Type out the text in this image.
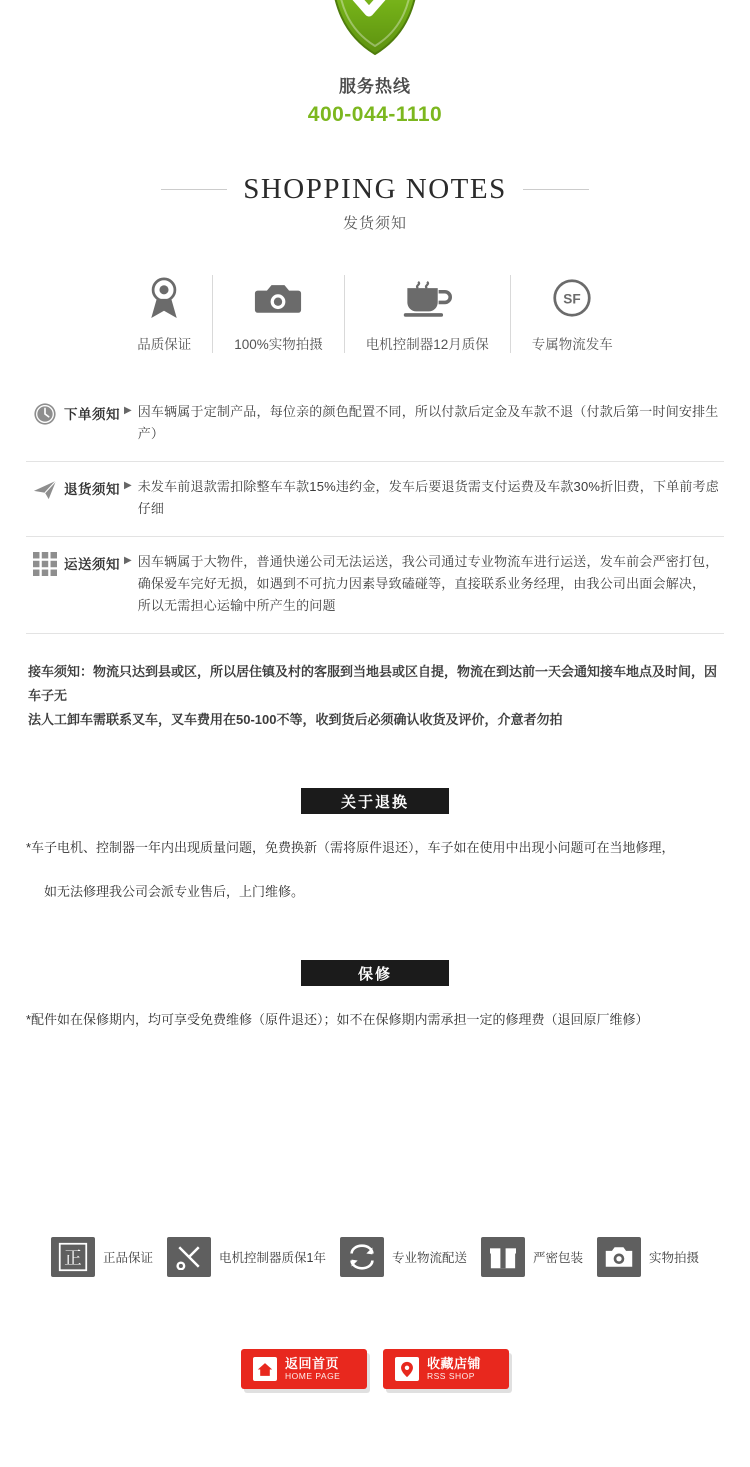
服务热线
400-044-1110
SHOPPING NOTES
发货须知
品质保证	100%实物拍摄	电机控制器12月质保
SF
专属物流发车
下单须知 ▶ 因车辆属于定制产品，每位亲的颜色配置不同，所以付款后定金及车款不退（付款后第一时间安排生产）
退货须知 ▶ 未发车前退款需扣除整车车款15%违约金，发车后要退货需支付运费及车款30%折旧费，下单前考虑仔细
运送须知 ▶ 因车辆属于大物件，普通快递公司无法运送，我公司通过专业物流车进行运送，发车前会严密打包，
确保爱车完好无损，如遇到不可抗力因素导致磕碰等，直接联系业务经理，由我公司出面会解决，
所以无需担心运输中所产生的问题
接车须知：物流只达到县或区，所以居住镇及村的客服到当地县或区自提，物流在到达前一天会通知接车地点及时间，因车子无
法人工卸车需联系叉车，叉车费用在50-100不等，收到货后必须确认收货及评价，介意者勿拍
关于退换

*车子电机、控制器一年内出现质量问题，免费换新（需将原件退还），车子如在使用中出现小问题可在当地修理，

如无法修理我公司会派专业售后，上门维修。

保修

*配件如在保修期内，均可享受免费维修（原件退还）；如不在保修期内需承担一定的修理费（退回原厂维修）

正 正品保证	电机控制器质保1年	专业物流配送	严密包装	实物拍摄
返回首页
HOME PAGE
收藏店铺
RSS SHOP
